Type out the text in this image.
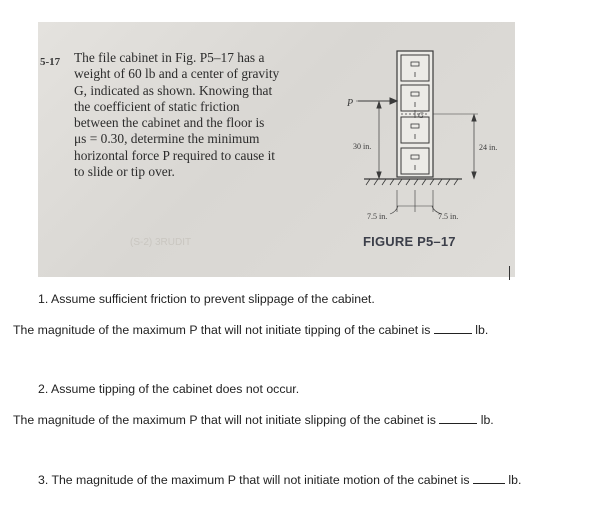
5-17 The file cabinet in Fig. P5–17 has a
weight of 60 lb and a center of gravity
G, indicated as shown. Knowing that
the coefficient of static friction
between the cabinet and the floor is
μs = 0.30, determine the minimum
horizontal force P required to cause it
to slide or tip over.
(S-2) 3RUDIT
P
G
30 in.	24 in.
7.5 in.	7.5 in.
FIGURE P5–17
1. Assume sufficient friction to prevent slippage of the cabinet.
The magnitude of the maximum P that will not initiate tipping of the cabinet is	lb.
2. Assume tipping of the cabinet does not occur.
The magnitude of the maximum P that will not initiate slipping of the cabinet is	lb.
3. The magnitude of the maximum P that will not initiate motion of the cabinet is	lb.
